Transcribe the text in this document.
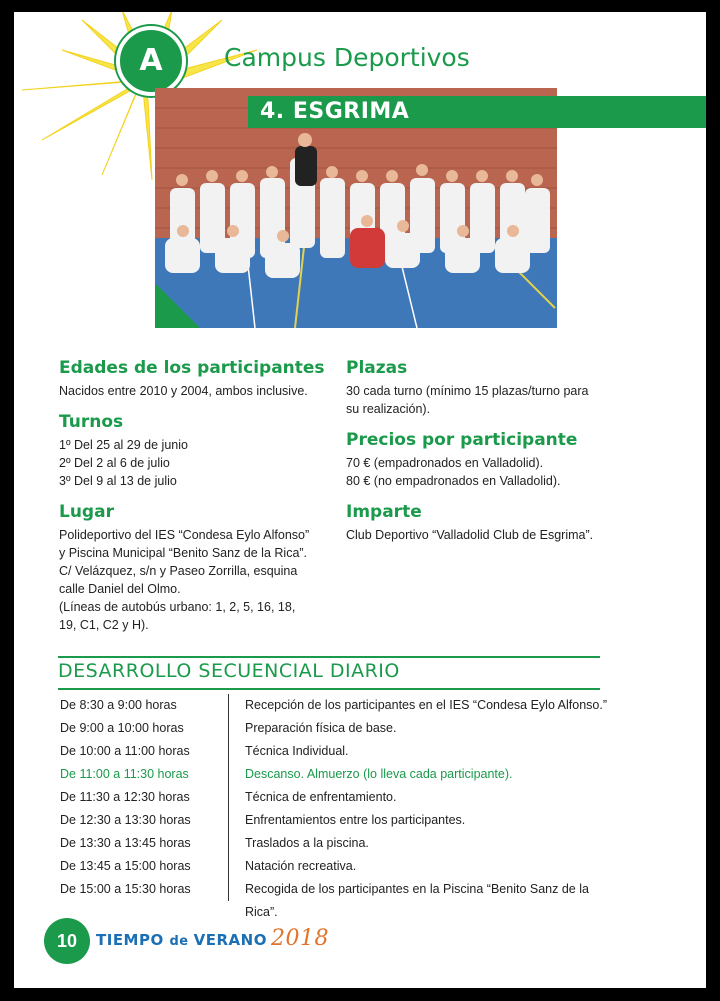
A	Campus Deportivos
4. ESGRIMA
Edades de los participantes
Nacidos entre 2010 y 2004, ambos inclusive.
Turnos
1º Del 25 al 29 de junio
2º Del 2 al 6 de julio
3º Del 9 al 13 de julio
Lugar
Polideportivo del IES “Condesa Eylo Alfonso”
y Piscina Municipal “Benito Sanz de la Rica”.
C/ Velázquez, s/n y Paseo Zorrilla, esquina
calle Daniel del Olmo.
(Líneas de autobús urbano: 1, 2, 5, 16, 18,
19, C1, C2 y H).
Plazas
30 cada turno (mínimo 15 plazas/turno para
su realización).
Precios por participante
70 € (empadronados en Valladolid).
80 € (no empadronados en Valladolid).
Imparte
Club Deportivo “Valladolid Club de Esgrima”.
DESARROLLO SECUENCIAL DIARIO
De 8:30 a 9:00 horas	Recepción de los participantes en el IES “Condesa Eylo Alfonso.”
De 9:00 a 10:00 horas	Preparación física de base.
De 10:00 a 11:00 horas	Técnica Individual.
De 11:00 a 11:30 horas	Descanso. Almuerzo (lo lleva cada participante).
De 11:30 a 12:30 horas	Técnica de enfrentamiento.
De 12:30 a 13:30 horas	Enfrentamientos entre los participantes.
De 13:30 a 13:45 horas	Traslados a la piscina.
De 13:45 a 15:00 horas	Natación recreativa.
De 15:00 a 15:30 horas	Recogida de los participantes en la Piscina “Benito Sanz de la Rica”.
10	TIEMPO de VERANO 2018
